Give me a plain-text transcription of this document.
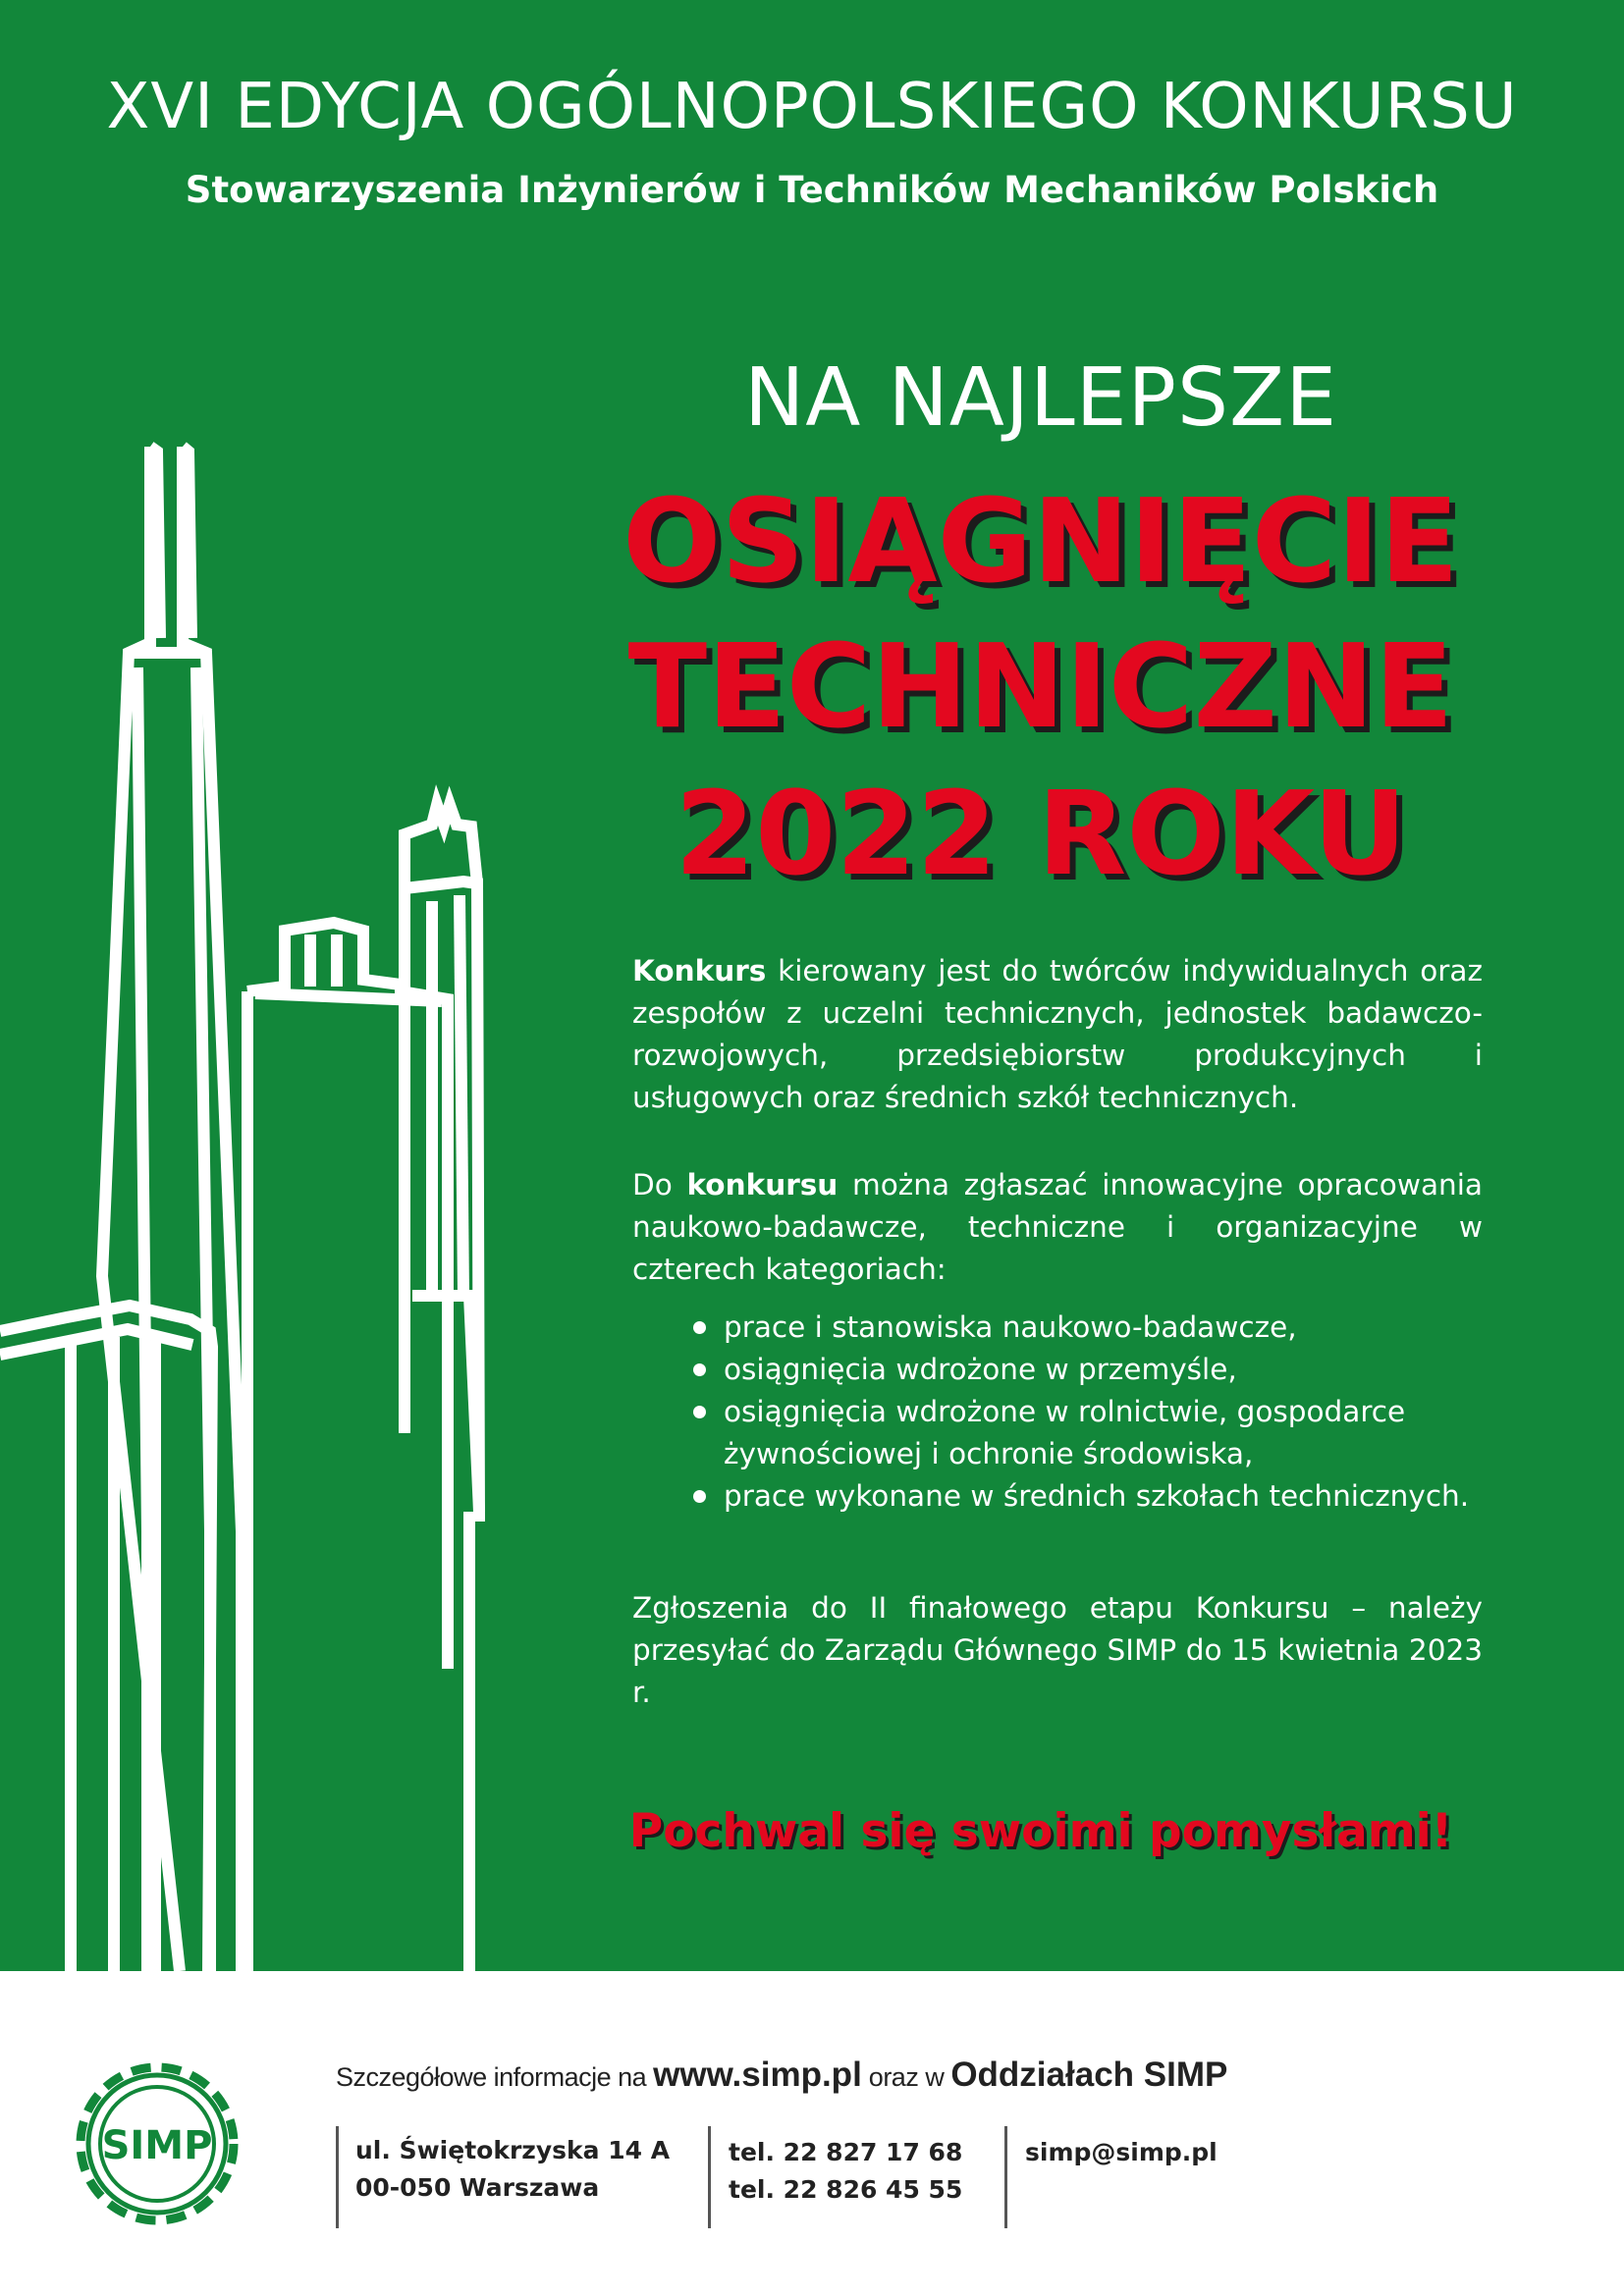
XVI EDYCJA OGÓLNOPOLSKIEGO KONKURSU
Stowarzyszenia Inżynierów i Techników Mechaników Polskich
NA NAJLEPSZE
OSIĄGNIĘCIE
TECHNICZNE
2022 ROKU
Konkurs kierowany jest do twórców indywidualnych oraz zespołów z uczelni technicznych, jednostek badawczo-rozwojowych, przedsiębiorstw produkcyjnych i usługowych oraz średnich szkół technicznych.
Do konkursu można zgłaszać innowacyjne opracowania naukowo-badawcze, techniczne i organizacyjne w czterech kategoriach:
prace i stanowiska naukowo-badawcze,
osiągnięcia wdrożone w przemyśle,
osiągnięcia wdrożone w rolnictwie, gospodarce żywnościowej i ochronie środowiska,
prace wykonane w średnich szkołach technicznych.
Zgłoszenia do II finałowego etapu Konkursu – należy przesyłać do Zarządu Głównego SIMP do 15 kwietnia 2023 r.
Pochwal się swoimi pomysłami!
SIMP
Szczegółowe informacje na www.simp.pl oraz w Oddziałach SIMP
ul. Świętokrzyska 14 A
00-050 Warszawa
tel. 22 827 17 68
tel. 22 826 45 55
simp@simp.pl
